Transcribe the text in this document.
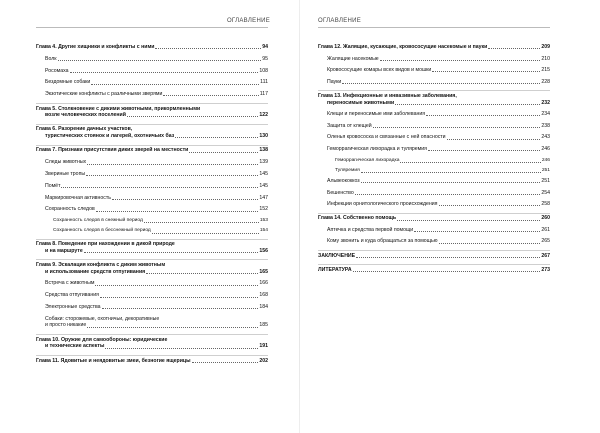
ОГЛАВЛЕНИЕ
Глава 4. Другие хищники и конфликты с ними	94
Волк	95
Росомаха	108
Бездомные собаки	111
Экзотические конфликты с различными зверями	117
Глава 5. Столкновение с дикими животными, прикормленными
возле человеческих поселений	122
Глава 6. Разорение дачных участков,
туристических стоянок и лагерей, охотничьих баз	130
Глава 7. Признаки присутствия диких зверей на местности	138
Следы животных	139
Звериные тропы	145
Помёт	145
Маркировочная активность	147
Сохранность следов	152
Сохранность следов в снежный период	153
Сохранность следов в бесснежный период	154
Глава 8. Поведение при нахождении в дикой природе
и на маршруте	156
Глава 9. Эскалация конфликта с диким животным
и использование средств отпугивания	165
Встреча с животным	166
Средства отпугивания	168
Электронные средства	184
Собаки: сторожевые, охотничьи, декоративные
и просто никакие	185
Глава 10. Оружие для самообороны: юридические
и технические аспекты	191
Глава 11. Ядовитые и неядовитые змеи, безногие ящерицы	202
ОГЛАВЛЕНИЕ
Глава 12. Жалящие, кусающие, кровососущие насекомые и пауки	209
Жалящие насекомые	210
Кровососущие комары всех видов и мошки	215
Пауки	228
Глава 13. Инфекционные и инвазивные заболевания,
переносимые животными	232
Клещи и переносимые ими заболевания	234
Защита от клещей	238
Оленья кровососка и связанные с ней опасности	243
Геморрагическая лихорадка и туляремия	246
Геморрагическая лихорадка	246
Туляремия	251
Альвеококкоз	251
Бешенство	254
Инфекции орнитологического происхождения	258
Глава 14. Собственно помощь	260
Аптечка и средства первой помощи	261
Кому звонить и куда обращаться за помощью	265
ЗАКЛЮЧЕНИЕ	267
ЛИТЕРАТУРА	273
